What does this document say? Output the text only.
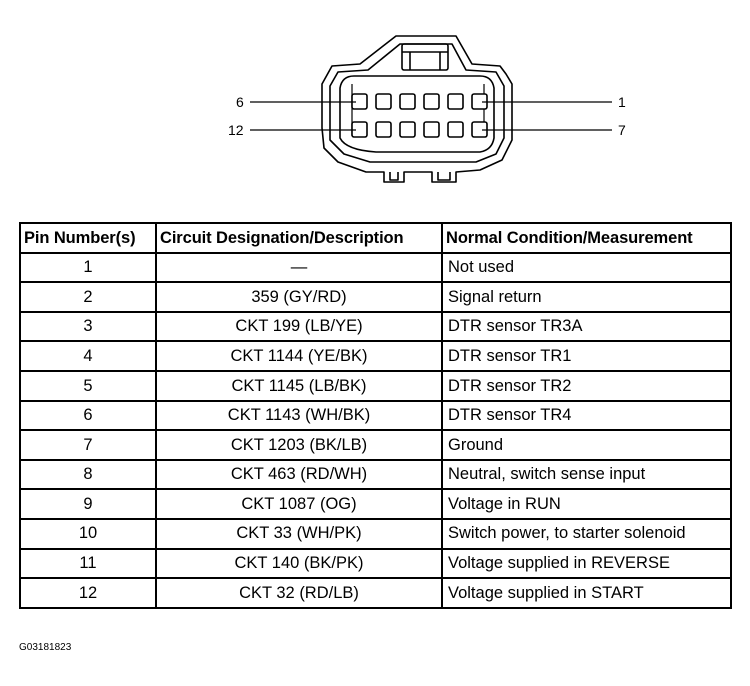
6
12
1
7
Pin Number(s)	Circuit Designation/Description	Normal Condition/Measurement
1	—	Not used
2	359 (GY/RD)	Signal return
3	CKT 199 (LB/YE)	DTR sensor TR3A
4	CKT 1144 (YE/BK)	DTR sensor TR1
5	CKT 1145 (LB/BK)	DTR sensor TR2
6	CKT 1143 (WH/BK)	DTR sensor TR4
7	CKT 1203 (BK/LB)	Ground
8	CKT 463 (RD/WH)	Neutral, switch sense input
9	CKT 1087 (OG)	Voltage in RUN
10	CKT 33 (WH/PK)	Switch power, to starter solenoid
11	CKT 140 (BK/PK)	Voltage supplied in REVERSE
12	CKT 32 (RD/LB)	Voltage supplied in START
G03181823
